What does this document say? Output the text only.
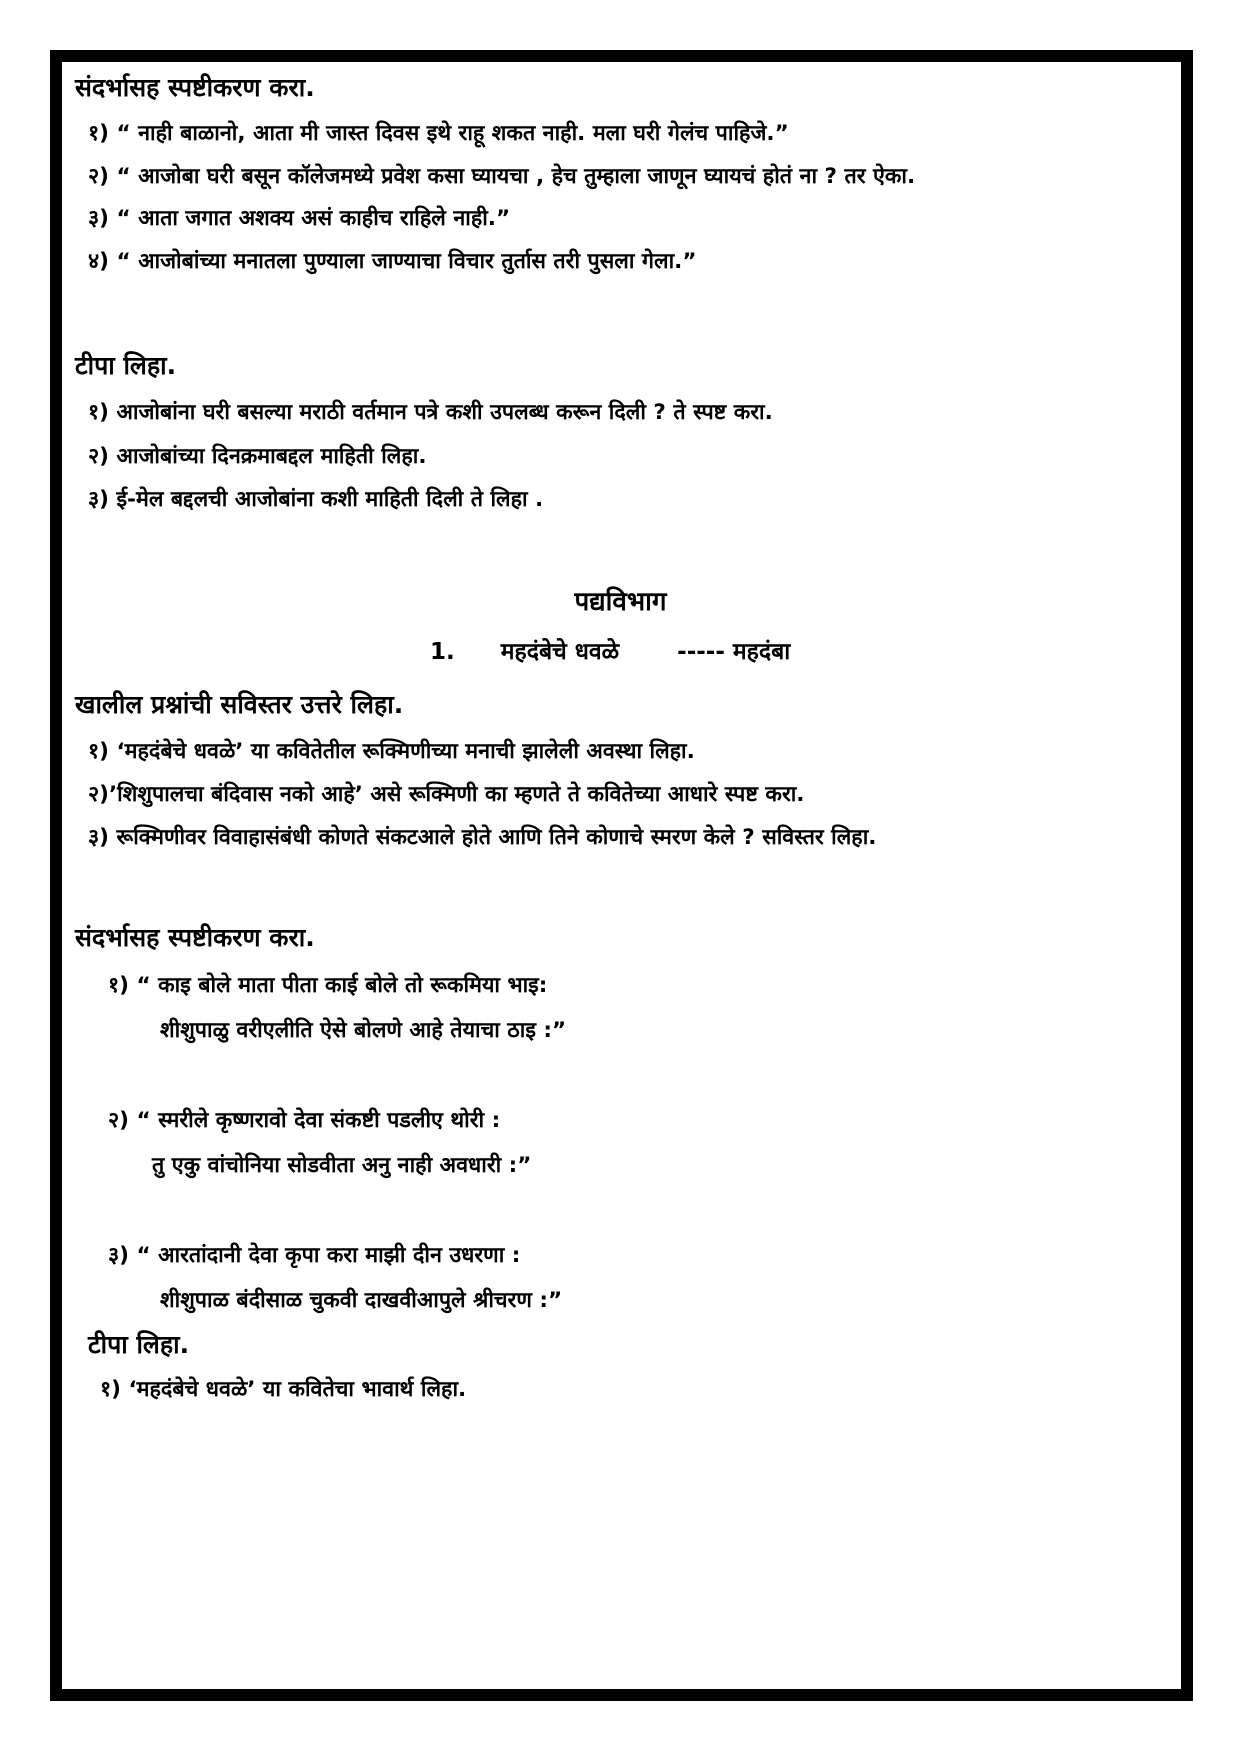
संदर्भासह स्पष्टीकरण करा.
१) “ नाही बाळानो, आता मी जास्त दिवस इथे राहू शकत नाही. मला घरी गेलंच पाहिजे.”
२) “ आजोबा घरी बसून कॉलेजमध्ये प्रवेश कसा घ्यायचा , हेच तुम्हाला जाणून घ्यायचं होतं ना ? तर ऐका.
३) “ आता जगात अशक्य असं काहीच राहिले नाही.”
४) “ आजोबांच्या मनातला पुण्याला जाण्याचा विचार तुर्तास तरी पुसला गेला.”
टीपा लिहा.
१) आजोबांना घरी बसल्या मराठी वर्तमान पत्रे कशी उपलब्ध करून दिली ? ते स्पष्ट करा.
२) आजोबांच्या दिनक्रमाबद्दल माहिती लिहा.
३) ई-मेल बद्दलची आजोबांना कशी माहिती दिली ते लिहा .
पद्यविभाग
1. महदंबेचे धवळे	----- महदंबा
खालील प्रश्नांची सविस्तर उत्तरे लिहा.
१) ‘महदंबेचे धवळे’ या कवितेतील रूक्मिणीच्या मनाची झालेली अवस्था लिहा.
२)’शिशुपालचा बंदिवास नको आहे’ असे रूक्मिणी का म्हणते ते कवितेच्या आधारे स्पष्ट करा.
३) रूक्मिणीवर विवाहासंबंधी कोणते संकटआले होते आणि तिने कोणाचे स्मरण केले ? सविस्तर लिहा.
संदर्भासह स्पष्टीकरण करा.
१) “ काइ बोले माता पीता काई बोले तो रूकमिया भाइ:
शीशुपाळु वरीएलीति ऐसे बोलणे आहे तेयाचा ठाइ :”
२) “ स्मरीले कृष्णरावो देवा संकष्टी पडलीए थोरी :
तु एकु वांचोनिया सोडवीता अनु नाही अवधारी :”
३) “ आरतांदानी देवा कृपा करा माझी दीन उधरणा :
शीशुपाळ बंदीसाळ चुकवी दाखवीआपुले श्रीचरण :”
टीपा लिहा.
१) ‘महदंबेचे धवळे’ या कवितेचा भावार्थ लिहा.
